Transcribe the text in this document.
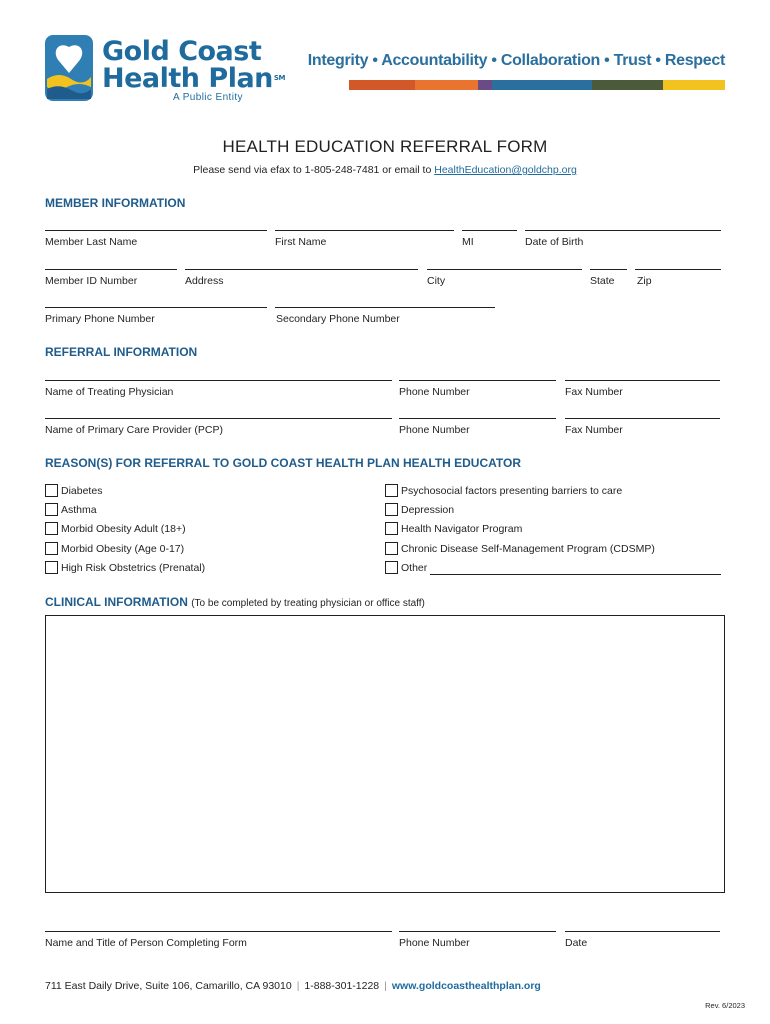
Gold Coast
Health Plan℠
A Public Entity
Integrity • Accountability • Collaboration • Trust • Respect
HEALTH EDUCATION REFERRAL FORM
Please send via efax to 1-805-248-7481 or email to HealthEducation@goldchp.org
MEMBER INFORMATION
Member Last Name	First Name	MI	Date of Birth
Member ID Number	Address	City	State Zip
Primary Phone Number	Secondary Phone Number
REFERRAL INFORMATION
Name of Treating Physician	Phone Number	Fax Number
Name of Primary Care Provider (PCP)	Phone Number	Fax Number
REASON(S) FOR REFERRAL TO GOLD COAST HEALTH PLAN HEALTH EDUCATOR
Diabetes
Asthma
Morbid Obesity Adult (18+)
Morbid Obesity (Age 0-17)
High Risk Obstetrics (Prenatal)
Psychosocial factors presenting barriers to care
Depression
Health Navigator Program
Chronic Disease Self-Management Program (CDSMP)
Other
CLINICAL INFORMATION (To be completed by treating physician or office staff)
Name and Title of Person Completing Form	Phone Number	Date
711 East Daily Drive, Suite 106, Camarillo, CA 93010 | 1-888-301-1228 | www.goldcoasthealthplan.org
Rev. 6/2023
